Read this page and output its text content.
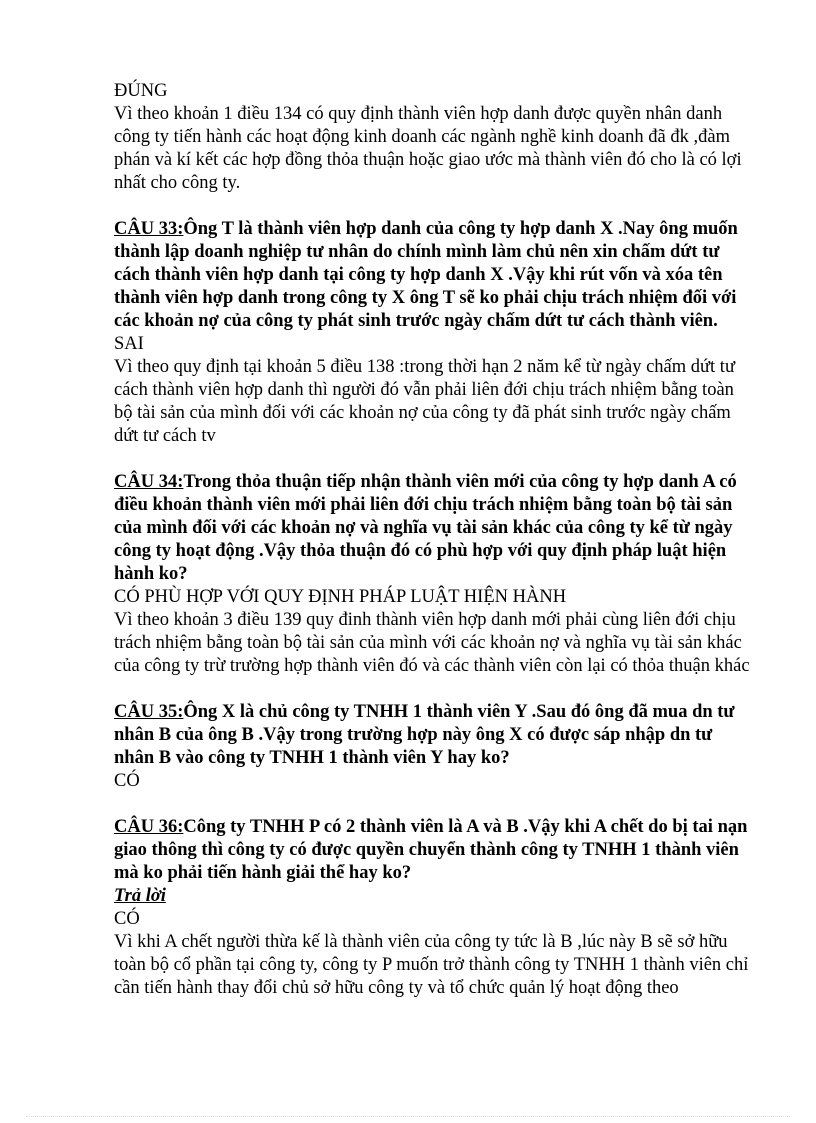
ĐÚNG

Vì theo khoản 1 điều 134 có quy định thành viên hợp danh được quyền nhân danh công ty tiến hành các hoạt động kinh doanh các ngành nghề kinh doanh đã đk ,đàm phán và kí kết các hợp đồng thỏa thuận hoặc giao ước mà thành viên đó cho là có lợi nhất cho công ty.

CÂU 33:Ông T là thành viên hợp danh của công ty hợp danh X .Nay ông muốn thành lập doanh nghiệp tư nhân do chính mình làm chủ nên xin chấm dứt tư cách thành viên hợp danh tại công ty hợp danh X .Vậy khi rút vốn và xóa tên thành viên hợp danh trong công ty X ông T sẽ ko phải chịu trách nhiệm đối với các khoản nợ của công ty phát sinh trước ngày chấm dứt tư cách thành viên.

SAI

Vì theo quy định tại khoản 5 điều 138 :trong thời hạn 2 năm kể từ ngày chấm dứt tư cách thành viên hợp danh thì người đó vẫn phải liên đới chịu trách nhiệm bằng toàn bộ tài sản của mình đối với các khoản nợ của công ty đã phát sinh trước ngày chấm dứt tư cách tv

CÂU 34:Trong thỏa thuận tiếp nhận thành viên mới của công ty hợp danh A có điều khoản thành viên mới phải liên đới chịu trách nhiệm bằng toàn bộ tài sản của mình đối với các khoản nợ và nghĩa vụ tài sản khác của công ty kể từ ngày công ty hoạt động .Vậy thỏa thuận đó có phù hợp với quy định pháp luật hiện hành ko?

CÓ PHÙ HỢP VỚI QUY ĐỊNH PHÁP LUẬT HIỆN HÀNH

Vì theo khoản 3 điều 139 quy đinh thành viên hợp danh mới phải cùng liên đới chịu trách nhiệm bằng toàn bộ tài sản của mình với các khoản nợ và nghĩa vụ tài sản khác của công ty trừ trường hợp thành viên đó và các thành viên còn lại có thỏa thuận khác

CÂU 35:Ông X là chủ công ty TNHH 1 thành viên Y .Sau đó ông đã mua dn tư nhân B của ông B .Vậy trong trường hợp này ông X có được sáp nhập dn tư nhân B vào công ty TNHH 1 thành viên Y hay ko?

CÓ

CÂU 36:Công ty TNHH P có 2 thành viên là A và B .Vậy khi A chết do bị tai nạn giao thông thì công ty có được quyền chuyển thành công ty TNHH 1 thành viên mà ko phải tiến hành giải thể hay ko?

Trả lời

CÓ

Vì khi A chết người thừa kế là thành viên của công ty tức là B ,lúc này B sẽ sở hữu toàn bộ cổ phần tại công ty, công ty P muốn trở thành công ty TNHH 1 thành viên chỉ cần tiến hành thay đổi chủ sở hữu công ty và tổ chức quản lý hoạt động theo
